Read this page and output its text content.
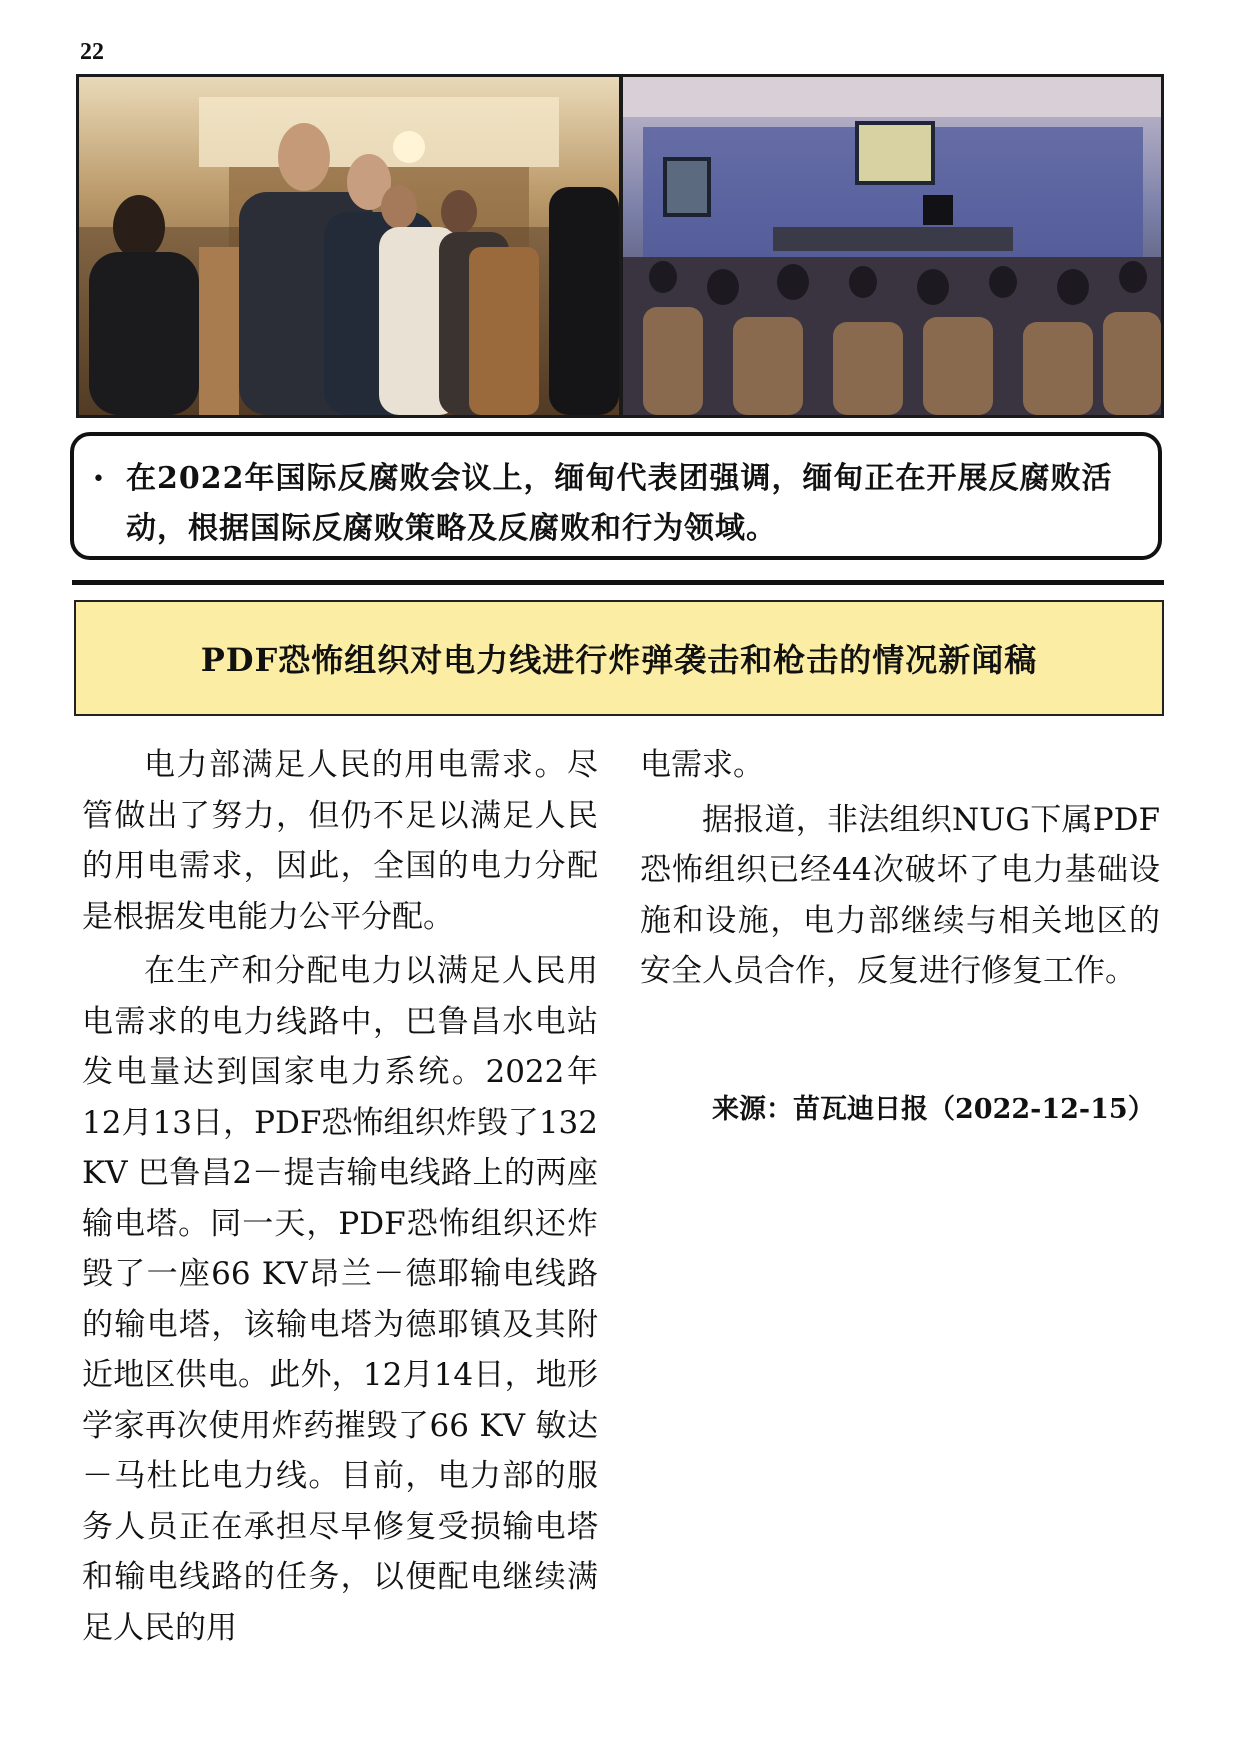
22
• 在2022年国际反腐败会议上，缅甸代表团强调，缅甸正在开展反腐败活动，根据国际反腐败策略及反腐败和行为领域。
PDF恐怖组织对电力线进行炸弹袭击和枪击的情况新闻稿

电力部满足人民的用电需求。尽管做出了努力，但仍不足以满足人民的用电需求，因此，全国的电力分配是根据发电能力公平分配。

在生产和分配电力以满足人民用电需求的电力线路中，巴鲁昌水电站发电量达到国家电力系统。2022年12月13日，PDF恐怖组织炸毁了132 KV 巴鲁昌2－提吉输电线路上的两座输电塔。同一天，PDF恐怖组织还炸毁了一座66 KV昂兰－德耶输电线路的输电塔，该输电塔为德耶镇及其附近地区供电。此外，12月14日，地形学家再次使用炸药摧毁了66 KV 敏达－马杜比电力线。目前，电力部的服务人员正在承担尽早修复受损输电塔和输电线路的任务，以便配电继续满足人民的用

电需求。

据报道，非法组织NUG下属PDF恐怖组织已经44次破坏了电力基础设施和设施，电力部继续与相关地区的安全人员合作，反复进行修复工作。

来源：苗瓦迪日报（2022-12-15）
